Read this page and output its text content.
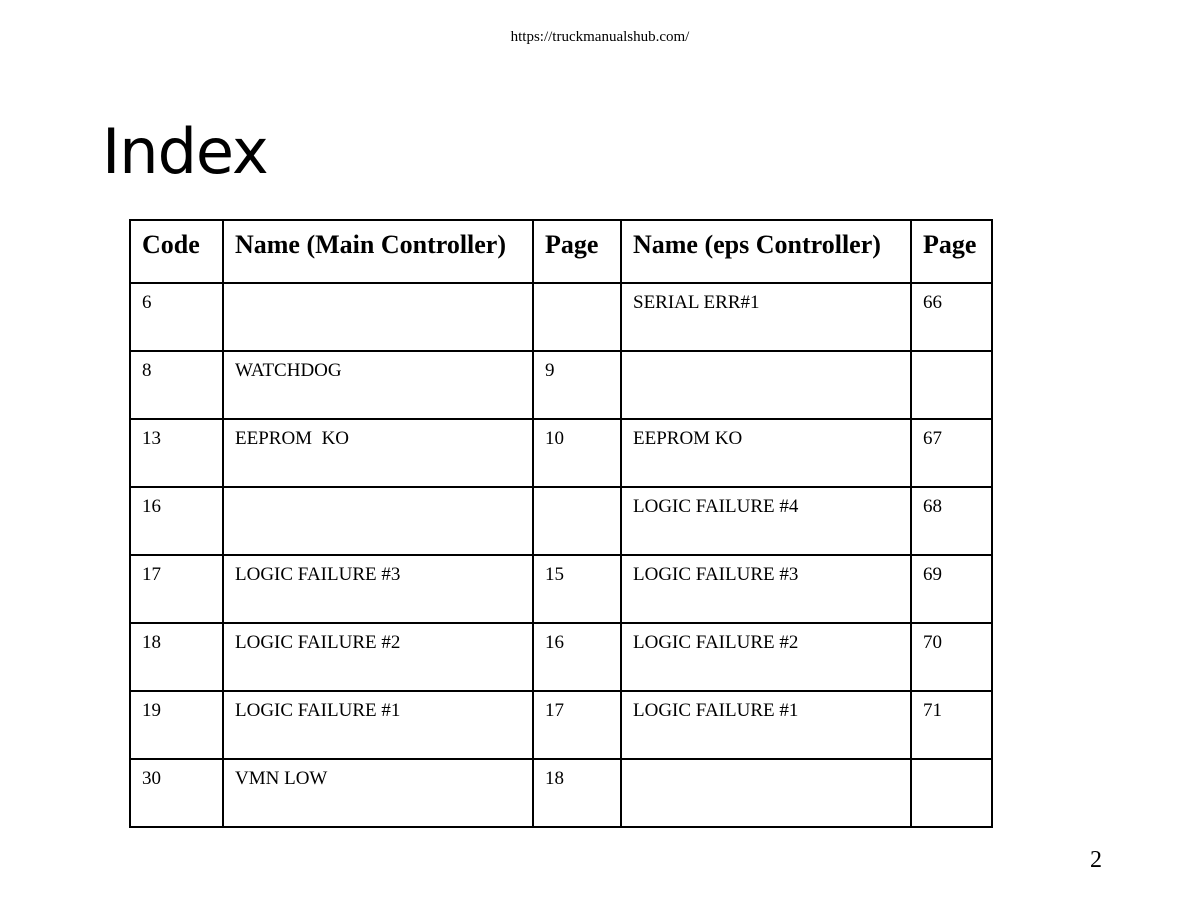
https://truckmanualshub.com/
Index
Code	Name (Main Controller)	Page	Name (eps Controller)	Page
6			SERIAL ERR#1	66
8	WATCHDOG	9		
13	EEPROM  KO	10	EEPROM KO	67
16			LOGIC FAILURE #4	68
17	LOGIC FAILURE #3	15	LOGIC FAILURE #3	69
18	LOGIC FAILURE #2	16	LOGIC FAILURE #2	70
19	LOGIC FAILURE #1	17	LOGIC FAILURE #1	71
30	VMN LOW	18		
2
